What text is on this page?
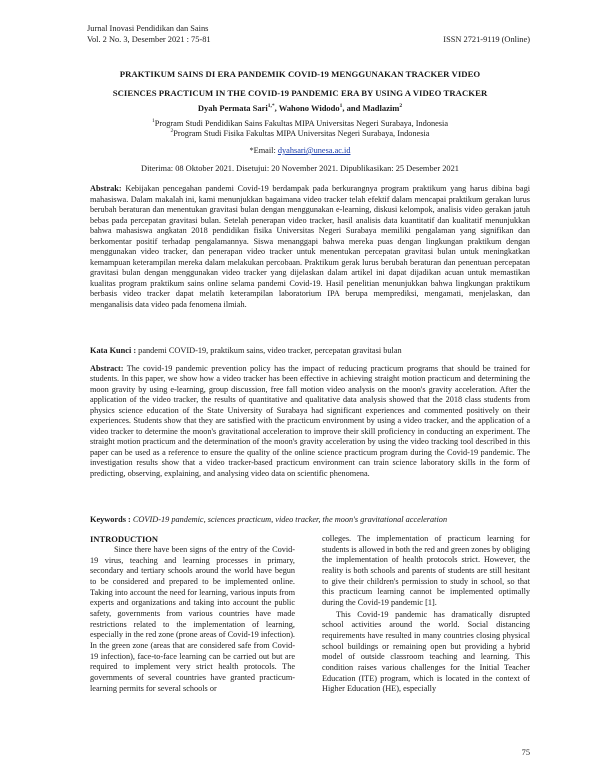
Jurnal Inovasi Pendidikan dan Sains
Vol. 2 No. 3, Desember 2021 : 75-81	ISSN 2721-9119 (Online)
PRAKTIKUM SAINS DI ERA PANDEMIK COVID-19 MENGGUNAKAN TRACKER VIDEO
SCIENCES PRACTICUM IN THE COVID-19 PANDEMIC ERA BY USING A VIDEO TRACKER
Dyah Permata Sari$^{1,*}$, Wahono Widodo$^1$, and Madlazim$^2$
$^1$Program Studi Pendidikan Sains Fakultas MIPA Universitas Negeri Surabaya, Indonesia
$^2$Program Studi Fisika Fakultas MIPA Universitas Negeri Surabaya, Indonesia
*Email: dyahsari@unesa.ac.id
Diterima: 08 Oktober 2021. Disetujui: 20 November 2021. Dipublikasikan: 25 Desember 2021
Abstrak: Kebijakan pencegahan pandemi Covid-19 berdampak pada berkurangnya program praktikum yang harus dibina bagi mahasiswa. Dalam makalah ini, kami menunjukkan bagaimana video tracker telah efektif dalam mencapai praktikum gerakan lurus berubah beraturan dan menentukan gravitasi bulan dengan menggunakan e-learning, diskusi kelompok, analisis video gerakan jatuh bebas pada percepatan gravitasi bulan. Setelah penerapan video tracker, hasil analisis data kuantitatif dan kualitatif menunjukkan bahwa mahasiswa angkatan 2018 pendidikan fisika Universitas Negeri Surabaya memiliki pengalaman yang signifikan dan berkomentar positif terhadap pengalamannya. Siswa menanggapi bahwa mereka puas dengan lingkungan praktikum dengan menggunakan video tracker, dan penerapan video tracker untuk menentukan percepatan gravitasi bulan untuk meningkatkan kemampuan keterampilan mereka dalam melakukan percobaan. Praktikum gerak lurus berubah beraturan dan penentuan percepatan gravitasi bulan dengan menggunakan video tracker yang dijelaskan dalam artikel ini dapat dijadikan acuan untuk memastikan kualitas program praktikum sains online selama pandemi Covid-19. Hasil penelitian menunjukkan bahwa lingkungan praktikum berbasis video tracker dapat melatih keterampilan laboratorium IPA berupa memprediksi, mengamati, menjelaskan, dan menganalisis data video pada fenomena ilmiah.
Kata Kunci : pandemi COVID-19, praktikum sains, video tracker, percepatan gravitasi bulan
Abstract: The covid-19 pandemic prevention policy has the impact of reducing practicum programs that should be trained for students. In this paper, we show how a video tracker has been effective in achieving straight motion practicum and determining the moon gravity by using e-learning, group discussion, free fall motion video analysis on the moon's gravity acceleration. After the application of the video tracker, the results of quantitative and qualitative data analysis showed that the 2018 class students from physics science education of the State University of Surabaya had significant experiences and commented positively on their experiences. Students show that they are satisfied with the practicum environment by using a video tracker, and the application of a video tracker to determine the moon's gravitational acceleration to improve their skill proficiency in conducting an experiment. The straight motion practicum and the determination of the moon's gravity acceleration by using the video tracking tool described in this paper can be used as a reference to ensure the quality of the online science practicum program during the Covid-19 pandemic. The investigation results show that a video tracker-based practicum environment can train science laboratory skills in the form of predicting, observing, explaining, and analysing video data on scientific phenomena.
Keywords : COVID-19 pandemic, sciences practicum, video tracker, the moon's gravitational acceleration
INTRODUCTION
Since there have been signs of the entry of the Covid-19 virus, teaching and learning processes in primary, secondary and tertiary schools around the world have begun to be considered and prepared to be implemented online. Taking into account the need for learning, various inputs from experts and organizations and taking into account the public safety, governments from various countries have made restrictions related to the implementation of learning, especially in the red zone (prone areas of Covid-19 infection). In the green zone (areas that are considered safe from Covid-19 infection), face-to-face learning can be carried out but are required to implement very strict health protocols. The governments of several countries have granted practicum-learning permits for several schools or
colleges. The implementation of practicum learning for students is allowed in both the red and green zones by obliging the implementation of health protocols strict. However, the reality is both schools and parents of students are still hesitant to give their children's permission to study in school, so that this practicum learning cannot be implemented optimally during the Covid-19 pandemic [1].
This Covid-19 pandemic has dramatically disrupted school activities around the world. Social distancing requirements have resulted in many countries closing physical school buildings or remaining open but providing a hybrid model of outside classroom teaching and learning. This condition raises various challenges for the Initial Teacher Education (ITE) program, which is located in the context of Higher Education (HE), especially
75
